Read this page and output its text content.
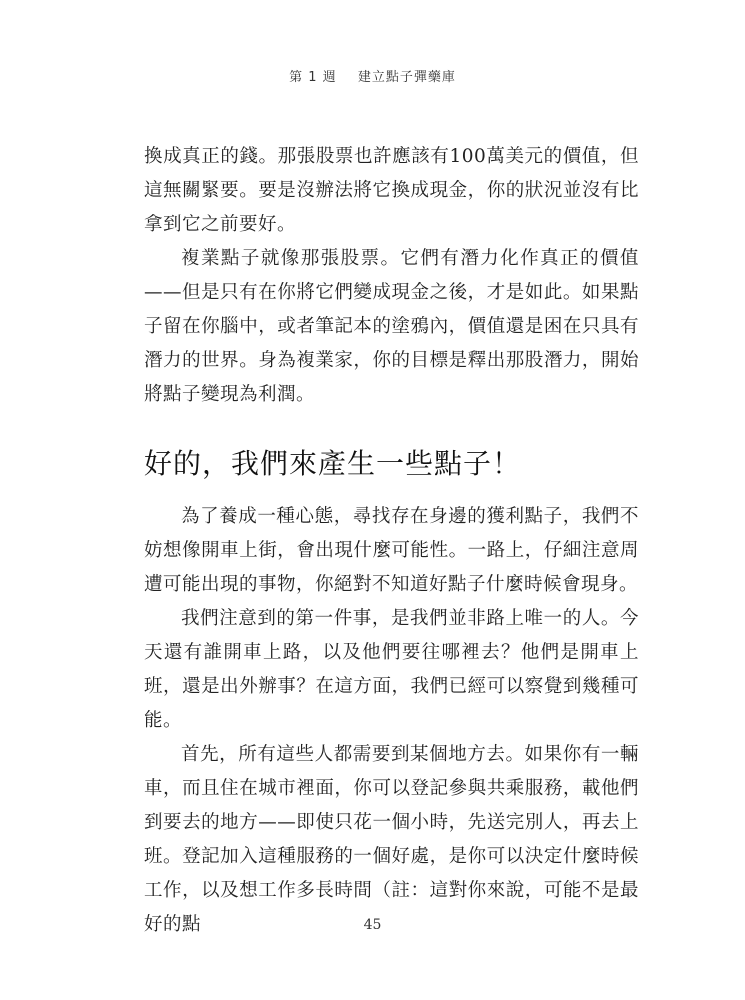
第 1 週 建立點子彈藥庫

換成真正的錢。那張股票也許應該有100萬美元的價值，但這無關緊要。要是沒辦法將它換成現金，你的狀況並沒有比拿到它之前要好。

複業點子就像那張股票。它們有潛力化作真正的價值——但是只有在你將它們變成現金之後，才是如此。如果點子留在你腦中，或者筆記本的塗鴉內，價值還是困在只具有潛力的世界。身為複業家，你的目標是釋出那股潛力，開始將點子變現為利潤。

好的，我們來產生一些點子！

為了養成一種心態，尋找存在身邊的獲利點子，我們不妨想像開車上街，會出現什麼可能性。一路上，仔細注意周遭可能出現的事物，你絕對不知道好點子什麼時候會現身。

我們注意到的第一件事，是我們並非路上唯一的人。今天還有誰開車上路，以及他們要往哪裡去？他們是開車上班，還是出外辦事？在這方面，我們已經可以察覺到幾種可能。

首先，所有這些人都需要到某個地方去。如果你有一輛車，而且住在城市裡面，你可以登記參與共乘服務，載他們到要去的地方——即使只花一個小時，先送完別人，再去上班。登記加入這種服務的一個好處，是你可以決定什麼時候工作，以及想工作多長時間（註：這對你來說，可能不是最好的點	45
